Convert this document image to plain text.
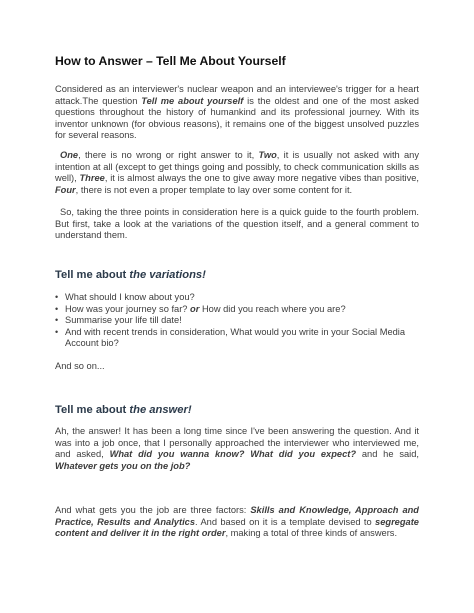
How to Answer – Tell Me About Yourself

Considered as an interviewer's nuclear weapon and an interviewee's trigger for a heart attack.The question Tell me about yourself is the oldest and one of the most asked questions throughout the history of humankind and its professional journey. With its inventor unknown (for obvious reasons), it remains one of the biggest unsolved puzzles for several reasons.

One, there is no wrong or right answer to it, Two, it is usually not asked with any intention at all (except to get things going and possibly, to check communication skills as well), Three, it is almost always the one to give away more negative vibes than positive, Four, there is not even a proper template to lay over some content for it.

So, taking the three points in consideration here is a quick guide to the fourth problem. But first, take a look at the variations of the question itself, and a general comment to understand them.

Tell me about the variations!
• What should I know about you?
• How was your journey so far? or How did you reach where you are?
• Summarise your life till date!
• And with recent trends in consideration, What would you write in your Social Media Account bio?

And so on...

Tell me about the answer!

Ah, the answer! It has been a long time since I've been answering the question. And it was into a job once, that I personally approached the interviewer who interviewed me, and asked, What did you wanna know? What did you expect? and he said, Whatever gets you on the job?

And what gets you the job are three factors: Skills and Knowledge, Approach and Practice, Results and Analytics. And based on it is a template devised to segregate content and deliver it in the right order, making a total of three kinds of answers.
